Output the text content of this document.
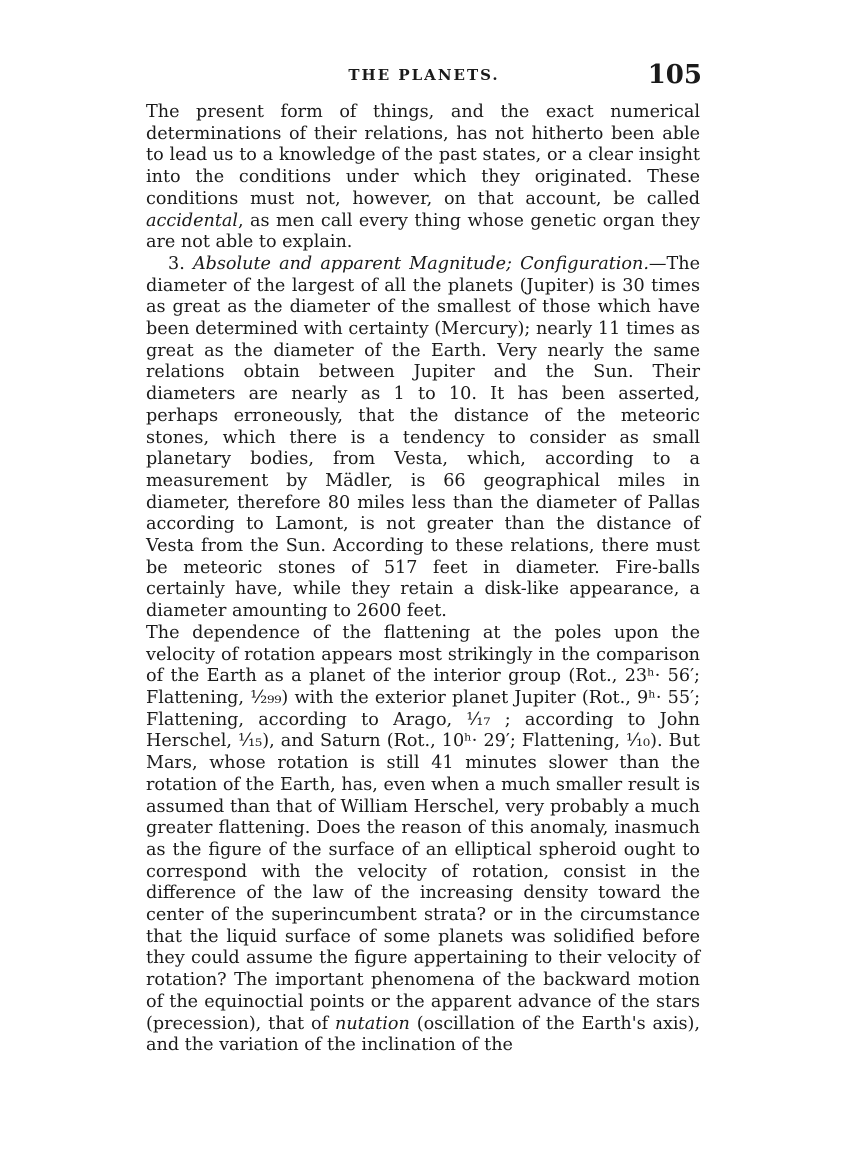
THE PLANETS.	105

The present form of things, and the exact numerical determinations of their relations, has not hitherto been able to lead us to a knowledge of the past states, or a clear insight into the conditions under which they originated. These conditions must not, however, on that account, be called accidental, as men call every thing whose genetic organ they are not able to explain.

3. Absolute and apparent Magnitude; Configuration.—The diameter of the largest of all the planets (Jupiter) is 30 times as great as the diameter of the smallest of those which have been determined with certainty (Mercury); nearly 11 times as great as the diameter of the Earth. Very nearly the same relations obtain between Jupiter and the Sun. Their diameters are nearly as 1 to 10. It has been asserted, perhaps erroneously, that the distance of the meteoric stones, which there is a tendency to consider as small planetary bodies, from Vesta, which, according to a measurement by Mädler, is 66 geographical miles in diameter, therefore 80 miles less than the diameter of Pallas according to Lamont, is not greater than the distance of Vesta from the Sun. According to these relations, there must be meteoric stones of 517 feet in diameter. Fire-balls certainly have, while they retain a disk-like appearance, a diameter amounting to 2600 feet.

The dependence of the flattening at the poles upon the velocity of rotation appears most strikingly in the comparison of the Earth as a planet of the interior group (Rot., 23ʰ· 56′; Flattening, ¹⁄₂₉₉) with the exterior planet Jupiter (Rot., 9ʰ· 55′; Flattening, according to Arago, ¹⁄₁₇ ; according to John Herschel, ¹⁄₁₅), and Saturn (Rot., 10ʰ· 29′; Flattening, ¹⁄₁₀). But Mars, whose rotation is still 41 minutes slower than the rotation of the Earth, has, even when a much smaller result is assumed than that of William Herschel, very probably a much greater flattening. Does the reason of this anomaly, inasmuch as the figure of the surface of an elliptical spheroid ought to correspond with the velocity of rotation, consist in the difference of the law of the increasing density toward the center of the superincumbent strata? or in the circumstance that the liquid surface of some planets was solidified before they could assume the figure appertaining to their velocity of rotation? The important phenomena of the backward motion of the equinoctial points or the apparent advance of the stars (precession), that of nutation (oscillation of the Earth's axis), and the variation of the inclination of the
